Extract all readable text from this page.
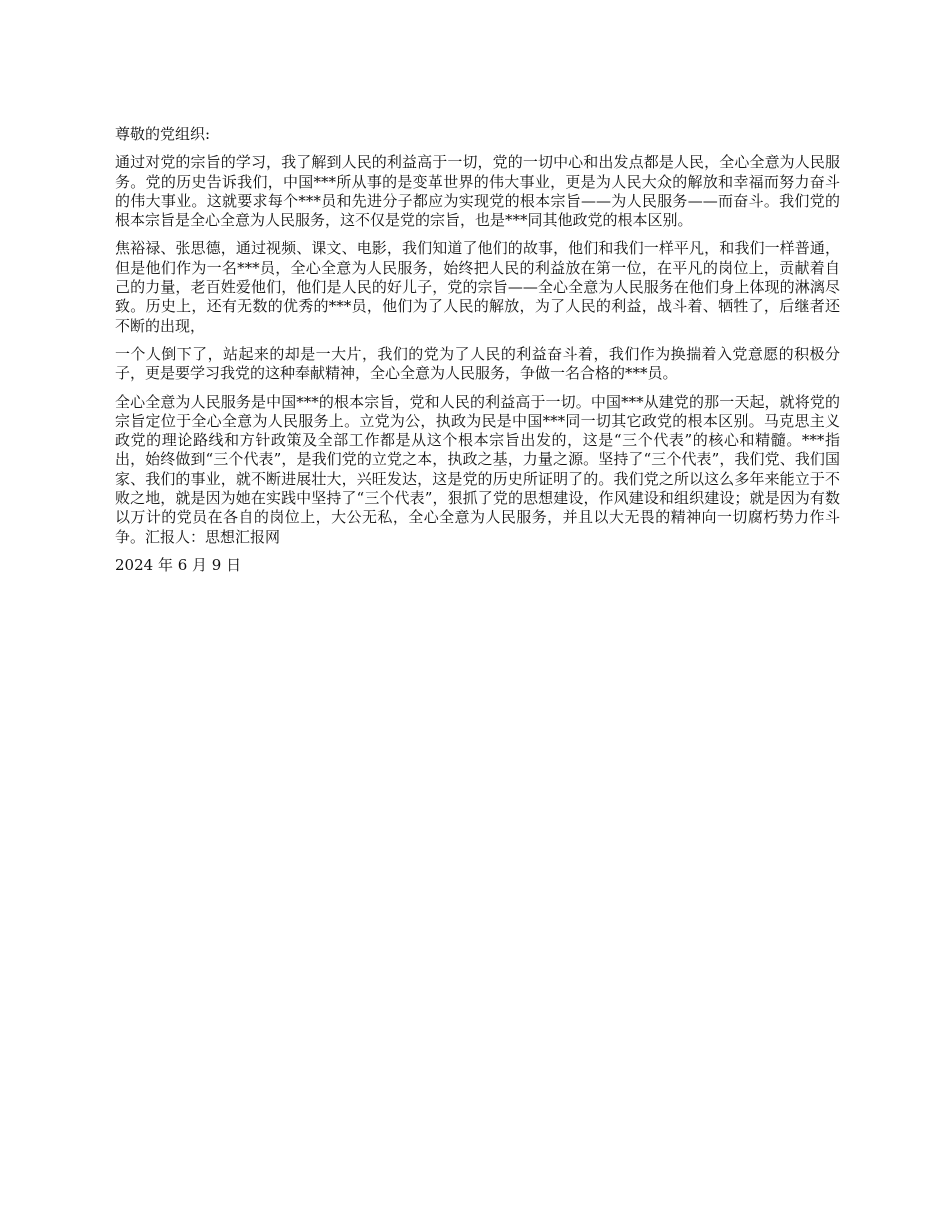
尊敬的党组织:

通过对党的宗旨的学习，我了解到人民的利益高于一切，党的一切中心和出发点都是人民，全心全意为人民服务。党的历史告诉我们，中国***所从事的是变革世界的伟大事业，更是为人民大众的解放和幸福而努力奋斗的伟大事业。这就要求每个***员和先进分子都应为实现党的根本宗旨——为人民服务——而奋斗。我们党的根本宗旨是全心全意为人民服务，这不仅是党的宗旨，也是***同其他政党的根本区别。

焦裕禄、张思德，通过视频、课文、电影，我们知道了他们的故事，他们和我们一样平凡，和我们一样普通，但是他们作为一名***员，全心全意为人民服务，始终把人民的利益放在第一位，在平凡的岗位上，贡献着自己的力量，老百姓爱他们，他们是人民的好儿子，党的宗旨——全心全意为人民服务在他们身上体现的淋漓尽致。历史上，还有无数的优秀的***员，他们为了人民的解放，为了人民的利益，战斗着、牺牲了，后继者还不断的出现，

一个人倒下了，站起来的却是一大片，我们的党为了人民的利益奋斗着，我们作为换揣着入党意愿的积极分子，更是要学习我党的这种奉献精神，全心全意为人民服务，争做一名合格的***员。

全心全意为人民服务是中国***的根本宗旨，党和人民的利益高于一切。中国***从建党的那一天起，就将党的宗旨定位于全心全意为人民服务上。立党为公，执政为民是中国***同一切其它政党的根本区别。马克思主义政党的理论路线和方针政策及全部工作都是从这个根本宗旨出发的，这是“三个代表”的核心和精髓。***指出，始终做到“三个代表”，是我们党的立党之本，执政之基，力量之源。坚持了“三个代表”，我们党、我们国家、我们的事业，就不断进展壮大，兴旺发达，这是党的历史所证明了的。我们党之所以这么多年来能立于不败之地，就是因为她在实践中坚持了“三个代表”，狠抓了党的思想建设，作风建设和组织建设；就是因为有数以万计的党员在各自的岗位上，大公无私，全心全意为人民服务，并且以大无畏的精神向一切腐朽势力作斗争。汇报人：思想汇报网

2024 年 6 月 9 日
